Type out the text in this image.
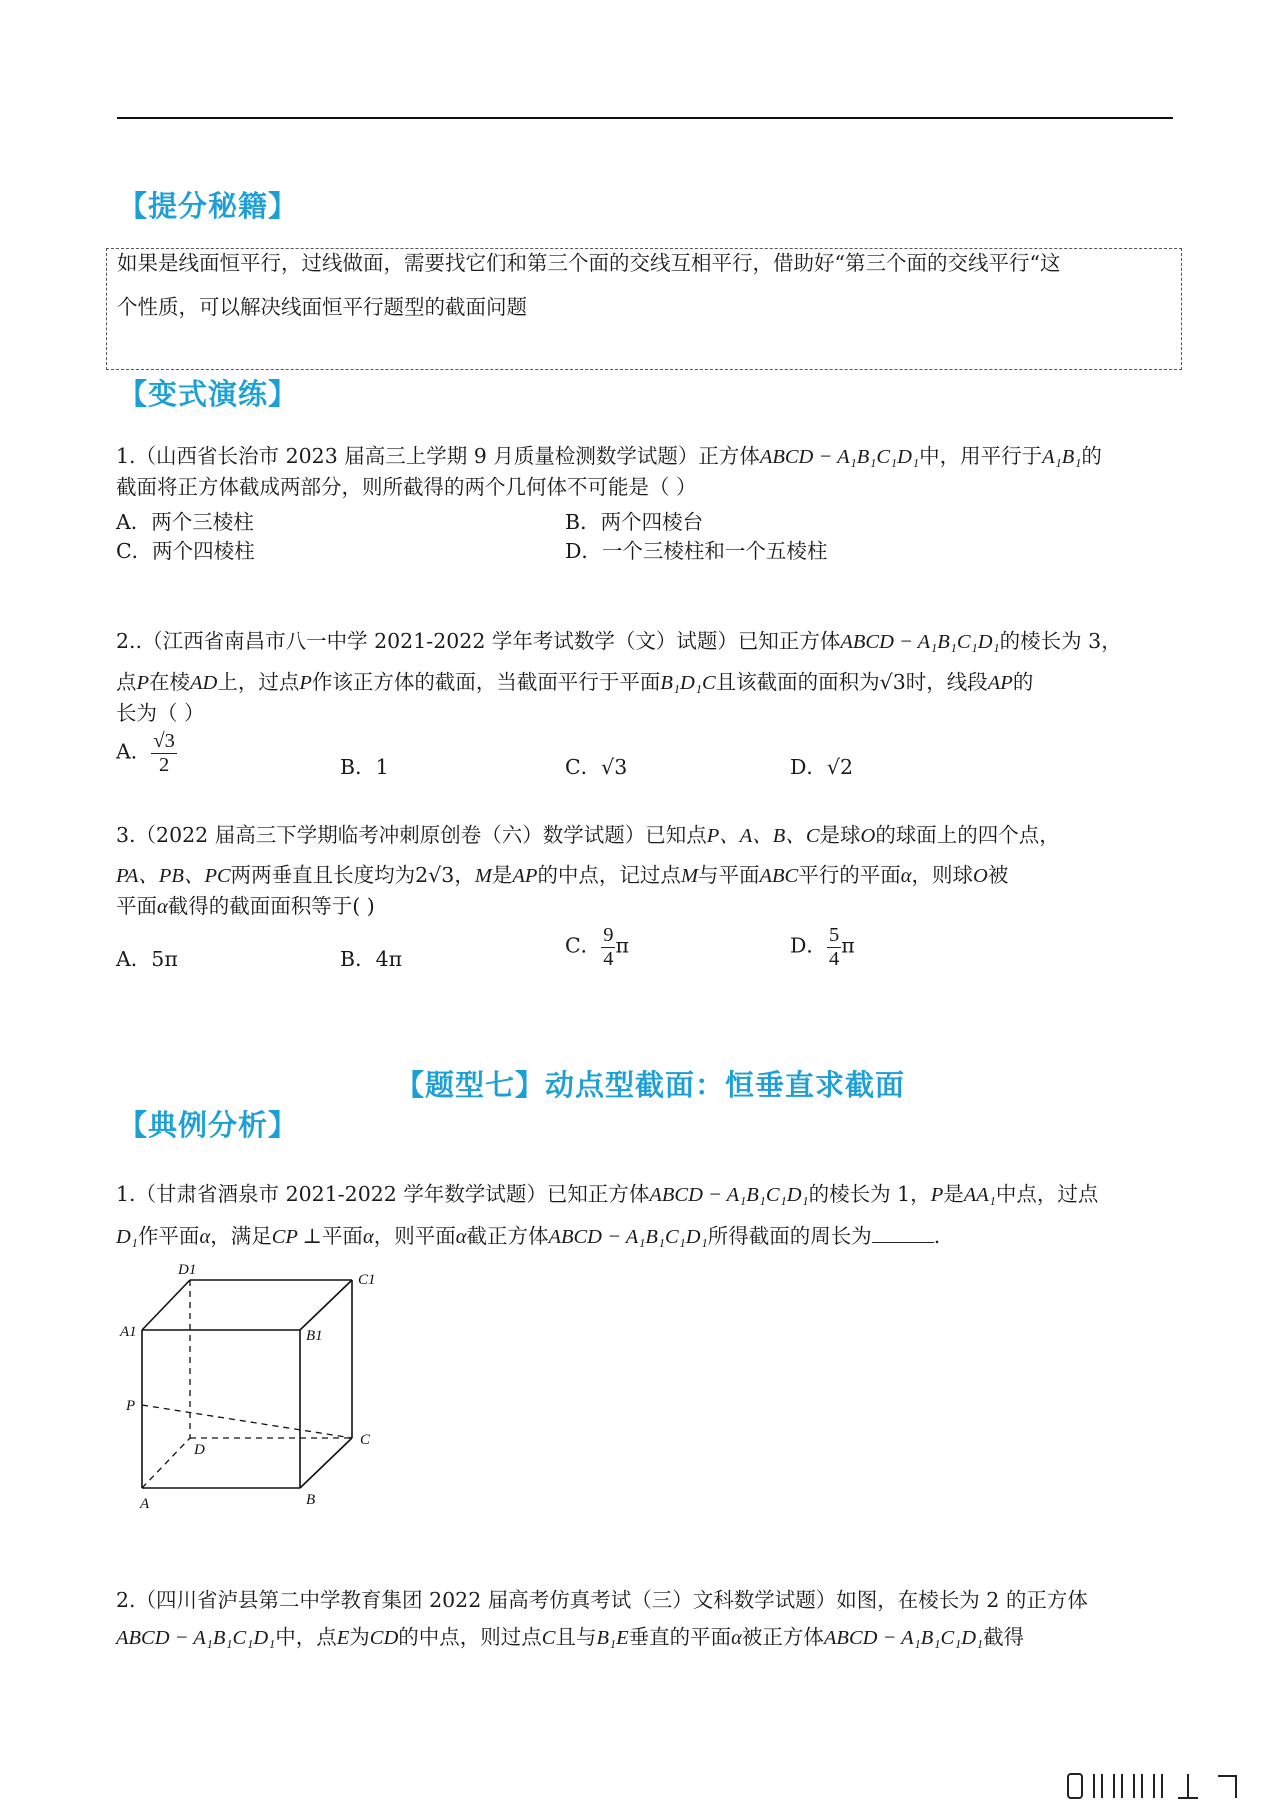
【提分秘籍】
如果是线面恒平行，过线做面，需要找它们和第三个面的交线互相平行，借助好“第三个面的交线平行“这
个性质，可以解决线面恒平行题型的截面问题
【变式演练】
1.（山西省长治市 2023 届高三上学期 9 月质量检测数学试题）正方体ABCD − A₁B₁C₁D₁中，用平行于A₁B₁的
截面将正方体截成两部分，则所截得的两个几何体不可能是（ ）
A．两个三棱柱	B．两个四棱台
C．两个四棱柱	D．一个三棱柱和一个五棱柱
2..（江西省南昌市八一中学 2021-2022 学年考试数学（文）试题）已知正方体ABCD − A₁B₁C₁D₁的棱长为 3，
点P在棱AD上，过点P作该正方体的截面，当截面平行于平面B₁D₁C且该截面的面积为√3时，线段AP的
长为（ ）
A． $\frac{√3}{2}$	B．1	C．√3	D．√2
3.（2022 届高三下学期临考冲刺原创卷（六）数学试题）已知点P、A、B、C是球O的球面上的四个点，
PA、PB、PC两两垂直且长度均为2√3，M是AP的中点，记过点M与平面ABC平行的平面α，则球O被
平面α截得的截面面积等于( )
A．5π	B．4π
C． $\frac{9}{4}$ π	D． $\frac{5}{4}$ π
【题型七】动点型截面：恒垂直求截面
【典例分析】
1.（甘肃省酒泉市 2021-2022 学年数学试题）已知正方体ABCD − A₁B₁C₁D₁的棱长为 1，P是AA₁中点，过点
D₁作平面α，满足CP ⊥平面α，则平面α截正方体ABCD − A₁B₁C₁D₁所得截面的周长为	.
D1
C1
A1	B1
P
D
C
A	B
2.（四川省泸县第二中学教育集团 2022 届高考仿真考试（三）文科数学试题）如图，在棱长为 2 的正方体
ABCD − A₁B₁C₁D₁中，点E为CD的中点，则过点C且与B₁E垂直的平面α被正方体ABCD − A₁B₁C₁D₁截得
